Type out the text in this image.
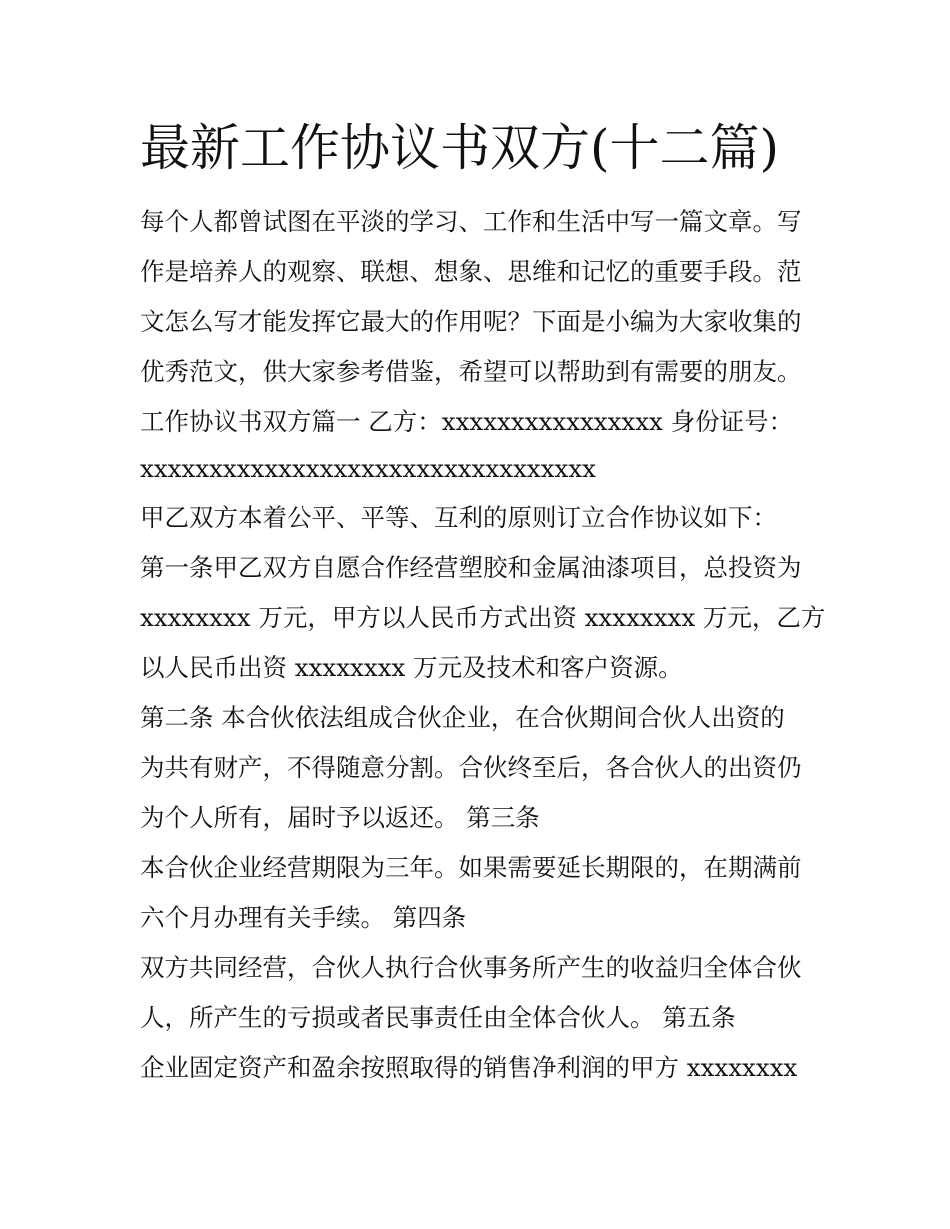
最新工作协议书双方(十二篇)

每个人都曾试图在平淡的学习、工作和生活中写一篇文章。写

作是培养人的观察、联想、想象、思维和记忆的重要手段。范

文怎么写才能发挥它最大的作用呢？下面是小编为大家收集的

优秀范文，供大家参考借鉴，希望可以帮助到有需要的朋友。

工作协议书双方篇一 乙方：xxxxxxxxxxxxxxxx 身份证号：

xxxxxxxxxxxxxxxxxxxxxxxxxxxxxxxxx

甲乙双方本着公平、平等、互利的原则订立合作协议如下：

第一条甲乙双方自愿合作经营塑胶和金属油漆项目，总投资为

xxxxxxxx 万元，甲方以人民币方式出资 xxxxxxxx 万元，乙方

以人民币出资 xxxxxxxx 万元及技术和客户资源。

第二条 本合伙依法组成合伙企业，在合伙期间合伙人出资的

为共有财产，不得随意分割。合伙终至后，各合伙人的出资仍

为个人所有，届时予以返还。 第三条

本合伙企业经营期限为三年。如果需要延长期限的，在期满前

六个月办理有关手续。 第四条

双方共同经营，合伙人执行合伙事务所产生的收益归全体合伙

人，所产生的亏损或者民事责任由全体合伙人。 第五条

企业固定资产和盈余按照取得的销售净利润的甲方 xxxxxxxx
